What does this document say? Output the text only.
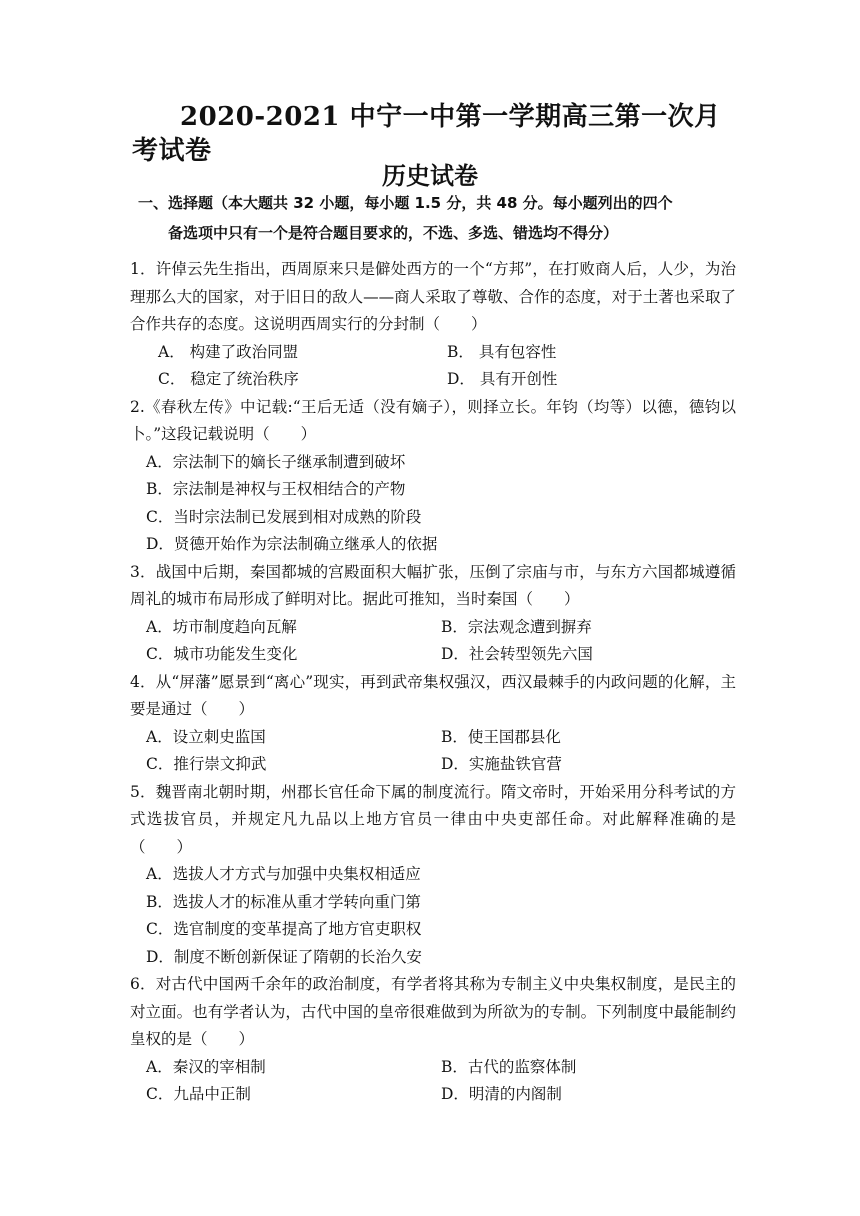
2020-2021 中宁一中第一学期高三第一次月考试卷
历史试卷
一、选择题（本大题共 32 小题，每小题 1.5 分，共 48 分。每小题列出的四个
备选项中只有一个是符合题目要求的，不选、多选、错选均不得分）

1．许倬云先生指出，西周原来只是僻处西方的一个“方邦”，在打败商人后，人少，为治理那么大的国家，对于旧日的敌人——商人采取了尊敬、合作的态度，对于土著也采取了合作共存的态度。这说明西周实行的分封制（　　）

A． 构建了政治同盟	B． 具有包容性
C． 稳定了统治秩序	D． 具有开创性

2.《春秋左传》中记载:“王后无适（没有嫡子），则择立长。年钧（均等）以德，德钧以卜。”这段记载说明（　　）

A．宗法制下的嫡长子继承制遭到破坏
B．宗法制是神权与王权相结合的产物
C．当时宗法制已发展到相对成熟的阶段
D．贤德开始作为宗法制确立继承人的依据

3．战国中后期，秦国都城的宫殿面积大幅扩张，压倒了宗庙与市，与东方六国都城遵循周礼的城市布局形成了鲜明对比。据此可推知，当时秦国（　　）

A．坊市制度趋向瓦解	B．宗法观念遭到摒弃
C．城市功能发生变化	D．社会转型领先六国

4．从“屏藩”愿景到“离心”现实，再到武帝集权强汉，西汉最棘手的内政问题的化解，主要是通过（　　）

A．设立刺史监国	B．使王国郡县化
C．推行崇文抑武	D．实施盐铁官营

5．魏晋南北朝时期，州郡长官任命下属的制度流行。隋文帝时，开始采用分科考试的方式选拔官员，并规定凡九品以上地方官员一律由中央吏部任命。对此解释准确的是（　　）

A．选拔人才方式与加强中央集权相适应
B．选拔人才的标准从重才学转向重门第
C．选官制度的变革提高了地方官吏职权
D．制度不断创新保证了隋朝的长治久安

6．对古代中国两千余年的政治制度，有学者将其称为专制主义中央集权制度，是民主的对立面。也有学者认为，古代中国的皇帝很难做到为所欲为的专制。下列制度中最能制约皇权的是（　　）

A．秦汉的宰相制	B．古代的监察体制
C．九品中正制	D．明清的内阁制
